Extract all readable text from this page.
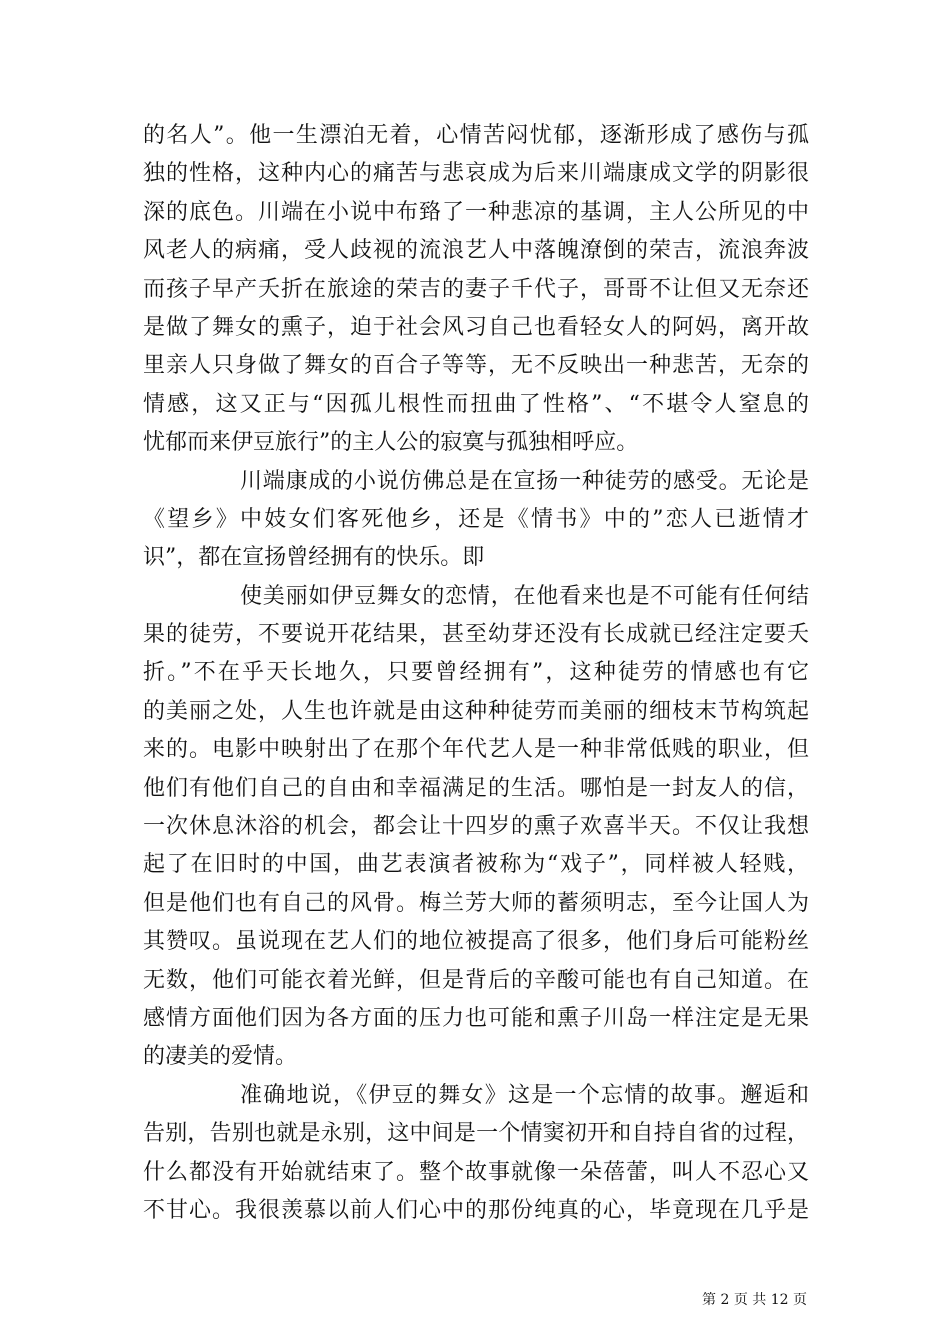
的名人”。他一生漂泊无着，心情苦闷忧郁，逐渐形成了感伤与孤
独的性格，这种内心的痛苦与悲哀成为后来川端康成文学的阴影很
深的底色。川端在小说中布臵了一种悲凉的基调，主人公所见的中
风老人的病痛，受人歧视的流浪艺人中落魄潦倒的荣吉，流浪奔波
而孩子早产夭折在旅途的荣吉的妻子千代子，哥哥不让但又无奈还
是做了舞女的熏子，迫于社会风习自己也看轻女人的阿妈，离开故
里亲人只身做了舞女的百合子等等，无不反映出一种悲苦，无奈的
情感，这又正与“因孤儿根性而扭曲了性格”、“不堪令人窒息的
忧郁而来伊豆旅行”的主人公的寂寞与孤独相呼应。
川端康成的小说仿佛总是在宣扬一种徒劳的感受。无论是
《望乡》中妓女们客死他乡，还是《情书》中的”恋人已逝情才
识”，都在宣扬曾经拥有的快乐。即
使美丽如伊豆舞女的恋情，在他看来也是不可能有任何结
果的徒劳，不要说开花结果，甚至幼芽还没有长成就已经注定要夭
折。”不在乎天长地久，只要曾经拥有”，这种徒劳的情感也有它
的美丽之处，人生也许就是由这种种徒劳而美丽的细枝末节构筑起
来的。电影中映射出了在那个年代艺人是一种非常低贱的职业，但
他们有他们自己的自由和幸福满足的生活。哪怕是一封友人的信，
一次休息沐浴的机会，都会让十四岁的熏子欢喜半天。不仅让我想
起了在旧时的中国，曲艺表演者被称为“戏子”，同样被人轻贱，
但是他们也有自己的风骨。梅兰芳大师的蓄须明志，至今让国人为
其赞叹。虽说现在艺人们的地位被提高了很多，他们身后可能粉丝
无数，他们可能衣着光鲜，但是背后的辛酸可能也有自己知道。在
感情方面他们因为各方面的压力也可能和熏子川岛一样注定是无果
的凄美的爱情。
准确地说，《伊豆的舞女》这是一个忘情的故事。邂逅和
告别，告别也就是永别，这中间是一个情窦初开和自持自省的过程，
什么都没有开始就结束了。整个故事就像一朵蓓蕾，叫人不忍心又
不甘心。我很羡慕以前人们心中的那份纯真的心，毕竟现在几乎是
第 2 页 共 12 页
